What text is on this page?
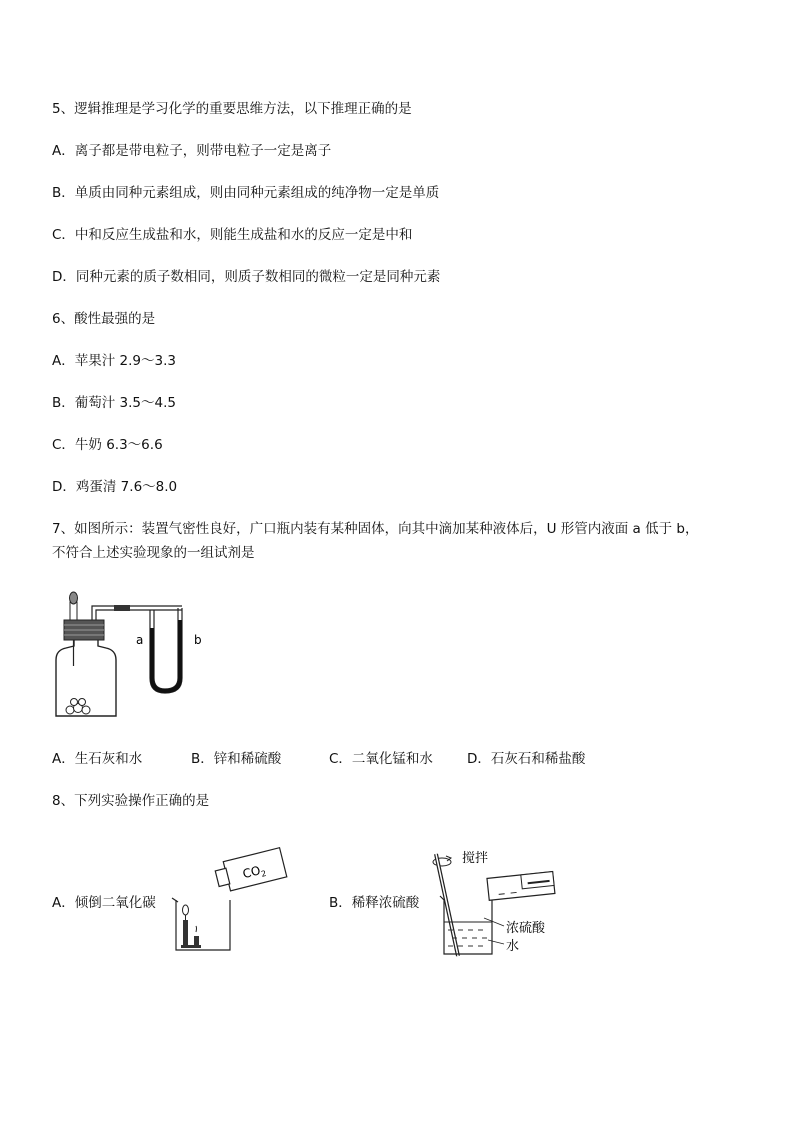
5、逻辑推理是学习化学的重要思维方法，以下推理正确的是
A．离子都是带电粒子，则带电粒子一定是离子
B．单质由同种元素组成，则由同种元素组成的纯净物一定是单质
C．中和反应生成盐和水，则能生成盐和水的反应一定是中和
D．同种元素的质子数相同，则质子数相同的微粒一定是同种元素
6、酸性最强的是
A．苹果汁 2.9～3.3
B．葡萄汁 3.5～4.5
C．牛奶 6.3～6.6
D．鸡蛋清 7.6～8.0
7、如图所示：装置气密性良好，广口瓶内装有某种固体，向其中滴加某种液体后，U 形管内液面 a 低于 b，
不符合上述实验现象的一组试剂是
a	b
A．生石灰和水	B．锌和稀硫酸	C．二氧化锰和水	D．石灰石和稀盐酸
8、下列实验操作正确的是
A．倾倒二氧化碳
$CO_2$
B．稀释浓硫酸
搅拌
浓硫酸
水
